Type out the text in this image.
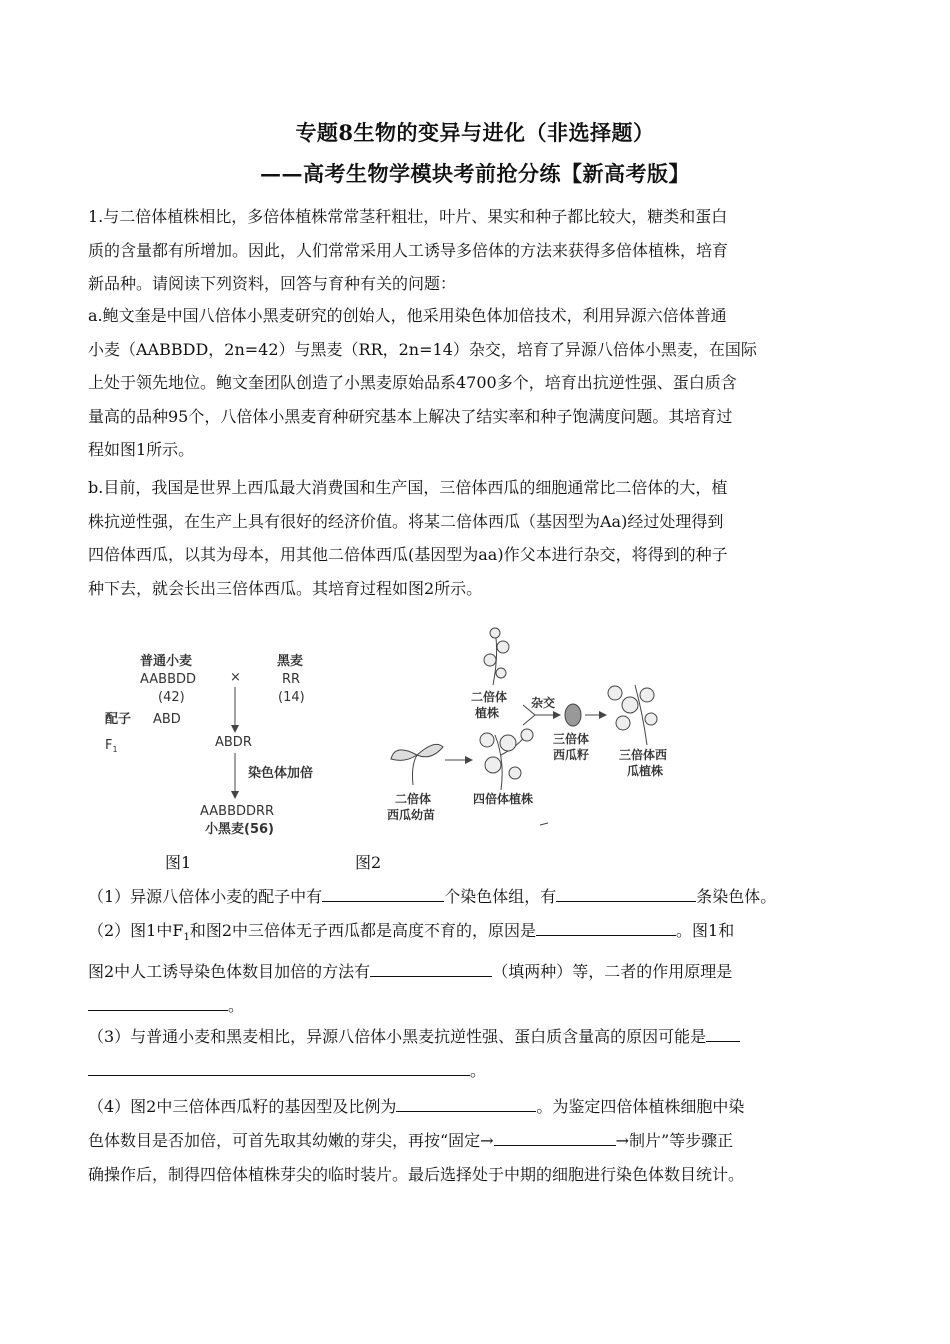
专题8生物的变异与进化（非选择题）
——高考生物学模块考前抢分练【新高考版】
1.与二倍体植株相比，多倍体植株常常茎秆粗壮，叶片、果实和种子都比较大，糖类和蛋白
质的含量都有所增加。因此，人们常常采用人工诱导多倍体的方法来获得多倍体植株，培育
新品种。请阅读下列资料，回答与育种有关的问题：
a.鲍文奎是中国八倍体小黑麦研究的创始人，他采用染色体加倍技术，利用异源六倍体普通
小麦（AABBDD，2n=42）与黑麦（RR，2n=14）杂交，培育了异源八倍体小黑麦，在国际
上处于领先地位。鲍文奎团队创造了小黑麦原始品系4700多个，培育出抗逆性强、蛋白质含
量高的品种95个，八倍体小黑麦育种研究基本上解决了结实率和种子饱满度问题。其培育过
程如图1所示。
b.目前，我国是世界上西瓜最大消费国和生产国，三倍体西瓜的细胞通常比二倍体的大，植
株抗逆性强，在生产上具有很好的经济价值。将某二倍体西瓜（基因型为Aa)经过处理得到
四倍体西瓜，以其为母本，用其他二倍体西瓜(基因型为aa)作父本进行杂交，将得到的种子
种下去，就会长出三倍体西瓜。其培育过程如图2所示。
普通小麦
AABBDD
(42)
×
黑麦
RR
(14)
配子 ABD
$F_1$	ABDR
染色体加倍
AABBDDRR
小黑麦(56)
二倍体
西瓜幼苗
二倍体
植株
四倍体植株
杂交
三倍体
西瓜籽 三倍体西
瓜植株
图1	图2
（1）异源八倍体小麦的配子中有	个染色体组，有	条染色体。
（2）图1中$F_1$和图2中三倍体无子西瓜都是高度不育的，原因是	。图1和
图2中人工诱导染色体数目加倍的方法有	（填两种）等，二者的作用原理是
。
（3）与普通小麦和黑麦相比，异源八倍体小黑麦抗逆性强、蛋白质含量高的原因可能是
。
（4）图2中三倍体西瓜籽的基因型及比例为	。为鉴定四倍体植株细胞中染
色体数目是否加倍，可首先取其幼嫩的芽尖，再按“固定→	→制片”等步骤正
确操作后，制得四倍体植株芽尖的临时装片。最后选择处于中期的细胞进行染色体数目统计。
